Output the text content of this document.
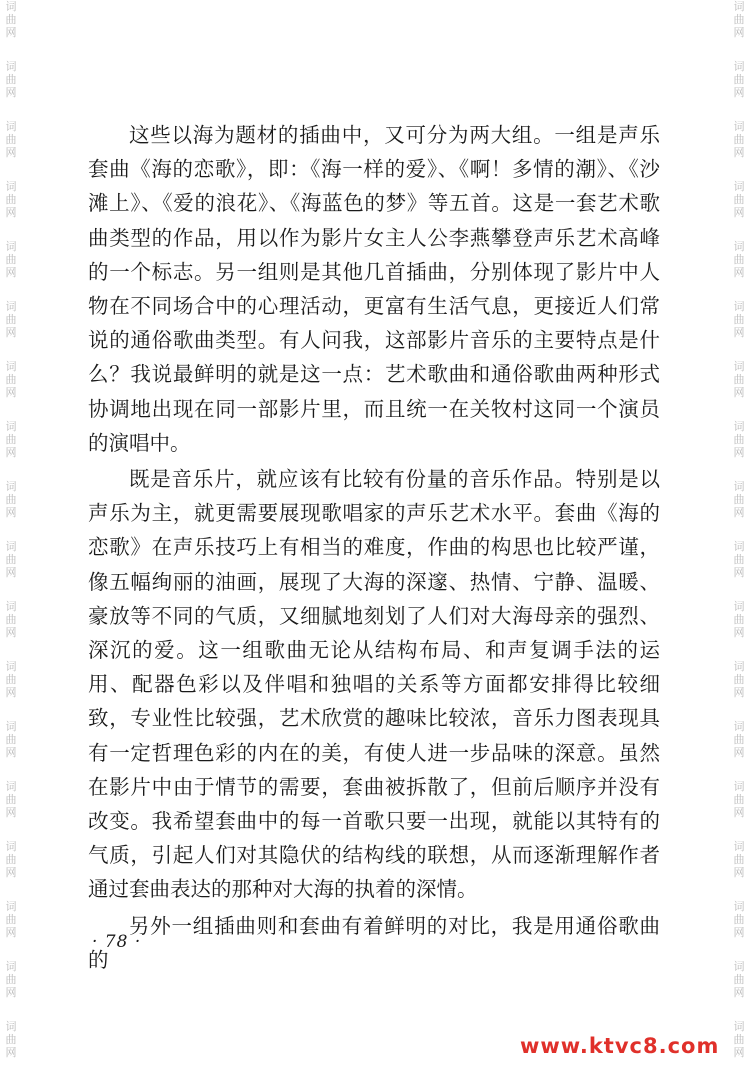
词
曲
网
词
曲
网
词
曲
网
词
曲
网
词
曲
网
词
曲
网
词
曲
网
词
曲
网
词
曲
网
词
曲
网
词
曲
网
词
曲
网
词
曲
网
词
曲
网
词
曲
网
词
曲
网
词
曲
网
词
曲
网
词
曲
网
词
曲
网
词
曲
网
词
曲
网
词
曲
网
词
曲
网
词
曲
网
词
曲
网
词
曲
网
词
曲
网
词
曲
网
词
曲
网
词
曲
网
词
曲
网
词
曲
网
词
曲
网
词
曲
网
词
曲
网

这些以海为题材的插曲中，又可分为两大组。一组是声乐套曲《海的恋歌》，即：《海一样的爱》、《啊！多情的潮》、《沙滩上》、《爱的浪花》、《海蓝色的梦》等五首。这是一套艺术歌曲类型的作品，用以作为影片女主人公李燕攀登声乐艺术高峰的一个标志。另一组则是其他几首插曲，分别体现了影片中人物在不同场合中的心理活动，更富有生活气息，更接近人们常说的通俗歌曲类型。有人问我，这部影片音乐的主要特点是什么？我说最鲜明的就是这一点：艺术歌曲和通俗歌曲两种形式协调地出现在同一部影片里，而且统一在关牧村这同一个演员的演唱中。

既是音乐片，就应该有比较有份量的音乐作品。特别是以声乐为主，就更需要展现歌唱家的声乐艺术水平。套曲《海的恋歌》在声乐技巧上有相当的难度，作曲的构思也比较严谨，像五幅绚丽的油画，展现了大海的深邃、热情、宁静、温暖、豪放等不同的气质，又细腻地刻划了人们对大海母亲的强烈、深沉的爱。这一组歌曲无论从结构布局、和声复调手法的运用、配器色彩以及伴唱和独唱的关系等方面都安排得比较细致，专业性比较强，艺术欣赏的趣味比较浓，音乐力图表现具有一定哲理色彩的内在的美，有使人进一步品味的深意。虽然在影片中由于情节的需要，套曲被拆散了，但前后顺序并没有改变。我希望套曲中的每一首歌只要一出现，就能以其特有的气质，引起人们对其隐伏的结构线的联想，从而逐渐理解作者通过套曲表达的那种对大海的执着的深情。

另外一组插曲则和套曲有着鲜明的对比，我是用通俗歌曲的

· 78 ·
www.ktvc8.com
